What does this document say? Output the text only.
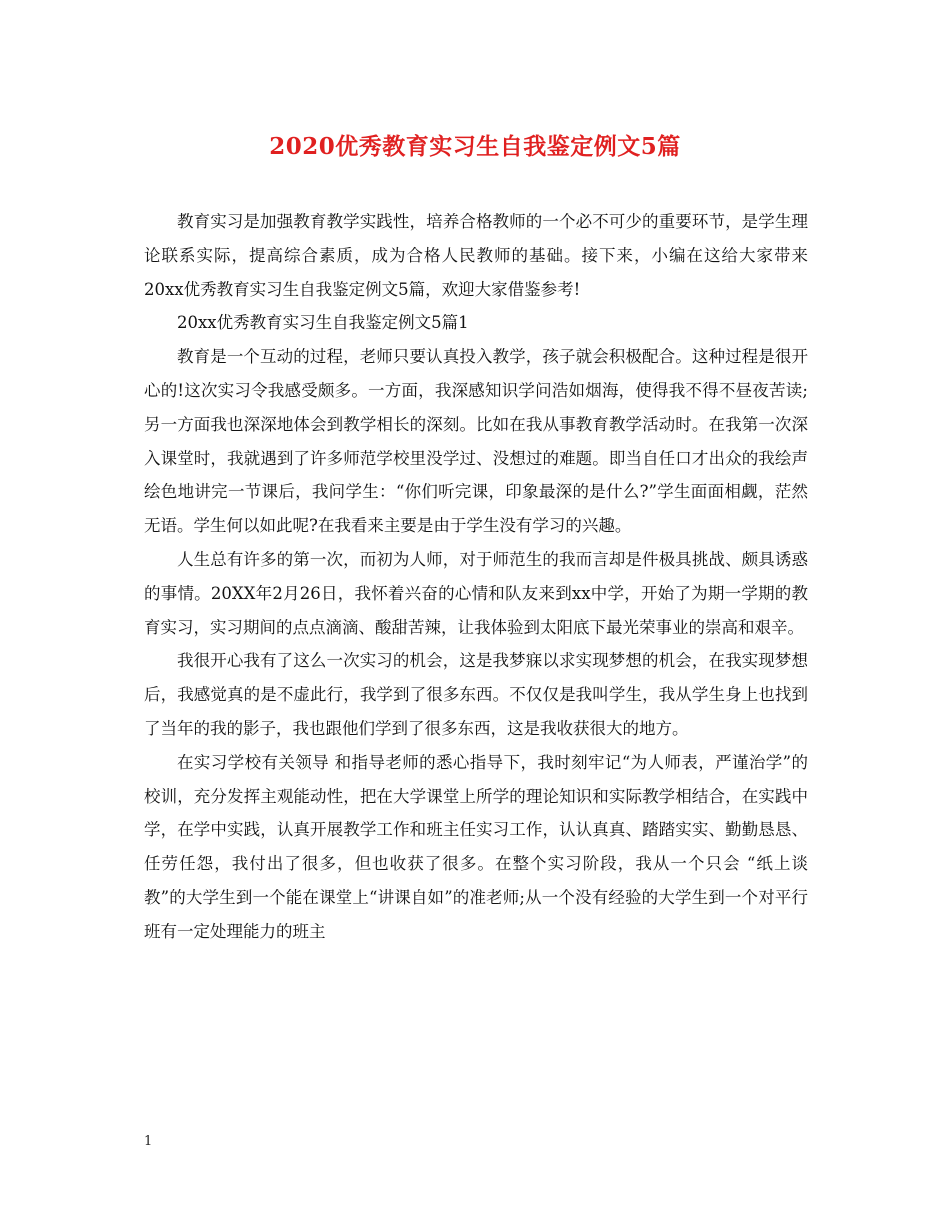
2020优秀教育实习生自我鉴定例文5篇

教育实习是加强教育教学实践性，培养合格教师的一个必不可少的重要环节，是学生理论联系实际，提高综合素质，成为合格人民教师的基础。接下来，小编在这给大家带来20xx优秀教育实习生自我鉴定例文5篇，欢迎大家借鉴参考!

20xx优秀教育实习生自我鉴定例文5篇1

教育是一个互动的过程，老师只要认真投入教学，孩子就会积极配合。这种过程是很开心的!这次实习令我感受颇多。一方面，我深感知识学问浩如烟海，使得我不得不昼夜苦读;另一方面我也深深地体会到教学相长的深刻。比如在我从事教育教学活动时。在我第一次深入课堂时，我就遇到了许多师范学校里没学过、没想过的难题。即当自任口才出众的我绘声绘色地讲完一节课后，我问学生：“你们听完课，印象最深的是什么?”学生面面相觑，茫然无语。学生何以如此呢?在我看来主要是由于学生没有学习的兴趣。

人生总有许多的第一次，而初为人师，对于师范生的我而言却是件极具挑战、颇具诱惑的事情。20XX年2月26日，我怀着兴奋的心情和队友来到xx中学，开始了为期一学期的教育实习，实习期间的点点滴滴、酸甜苦辣，让我体验到太阳底下最光荣事业的崇高和艰辛。

我很开心我有了这么一次实习的机会，这是我梦寐以求实现梦想的机会，在我实现梦想后，我感觉真的是不虚此行，我学到了很多东西。不仅仅是我叫学生，我从学生身上也找到了当年的我的影子，我也跟他们学到了很多东西，这是我收获很大的地方。

在实习学校有关领导 和指导老师的悉心指导下，我时刻牢记“为人师表，严谨治学”的校训，充分发挥主观能动性，把在大学课堂上所学的理论知识和实际教学相结合，在实践中学，在学中实践，认真开展教学工作和班主任实习工作，认认真真、踏踏实实、勤勤恳恳、任劳任怨，我付出了很多，但也收获了很多。在整个实习阶段，我从一个只会 “纸上谈教”的大学生到一个能在课堂上“讲课自如”的准老师;从一个没有经验的大学生到一个对平行班有一定处理能力的班主

1
